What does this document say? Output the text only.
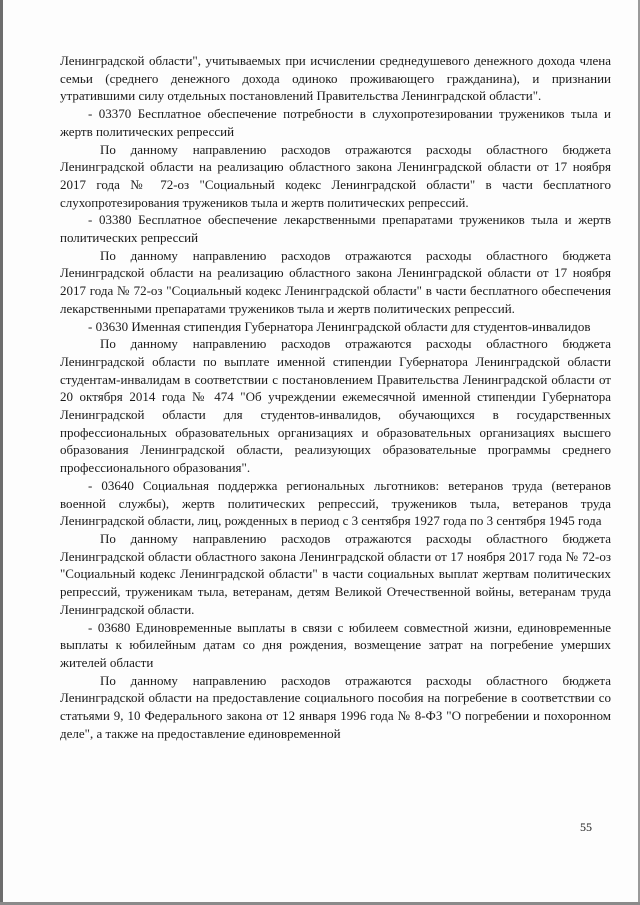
Ленинградской области", учитываемых при исчислении среднедушевого денежного дохода члена семьи (среднего денежного дохода одиноко проживающего гражданина), и признании утратившими силу отдельных постановлений Правительства Ленинградской области".

- 03370 Бесплатное обеспечение потребности в слухопротезировании тружеников тыла и жертв политических репрессий

По данному направлению расходов отражаются расходы областного бюджета Ленинградской области на реализацию областного закона Ленинградской области от 17 ноября 2017 года № 72-оз "Социальный кодекс Ленинградской области" в части бесплатного слухопротезирования тружеников тыла и жертв политических репрессий.

- 03380 Бесплатное обеспечение лекарственными препаратами тружеников тыла и жертв политических репрессий

По данному направлению расходов отражаются расходы областного бюджета Ленинградской области на реализацию областного закона Ленинградской области от 17 ноября 2017 года № 72-оз "Социальный кодекс Ленинградской области" в части бесплатного обеспечения лекарственными препаратами тружеников тыла и жертв политических репрессий.

- 03630 Именная стипендия Губернатора Ленинградской области для студентов-инвалидов

По данному направлению расходов отражаются расходы областного бюджета Ленинградской области по выплате именной стипендии Губернатора Ленинградской области студентам-инвалидам в соответствии с постановлением Правительства Ленинградской области от 20 октября 2014 года № 474 "Об учреждении ежемесячной именной стипендии Губернатора Ленинградской области для студентов-инвалидов, обучающихся в государственных профессиональных образовательных организациях и образовательных организациях высшего образования Ленинградской области, реализующих образовательные программы среднего профессионального образования".

- 03640 Социальная поддержка региональных льготников: ветеранов труда (ветеранов военной службы), жертв политических репрессий, тружеников тыла, ветеранов труда Ленинградской области, лиц, рожденных в период с 3 сентября 1927 года по 3 сентября 1945 года

По данному направлению расходов отражаются расходы областного бюджета Ленинградской области областного закона Ленинградской области от 17 ноября 2017 года № 72-оз "Социальный кодекс Ленинградской области" в части социальных выплат жертвам политических репрессий, труженикам тыла, ветеранам, детям Великой Отечественной войны, ветеранам труда Ленинградской области.

- 03680 Единовременные выплаты в связи с юбилеем совместной жизни, единовременные выплаты к юбилейным датам со дня рождения, возмещение затрат на погребение умерших жителей области

По данному направлению расходов отражаются расходы областного бюджета Ленинградской области на предоставление социального пособия на погребение в соответствии со статьями 9, 10 Федерального закона от 12 января 1996 года № 8-ФЗ "О погребении и похоронном деле", а также на предоставление единовременной

55
